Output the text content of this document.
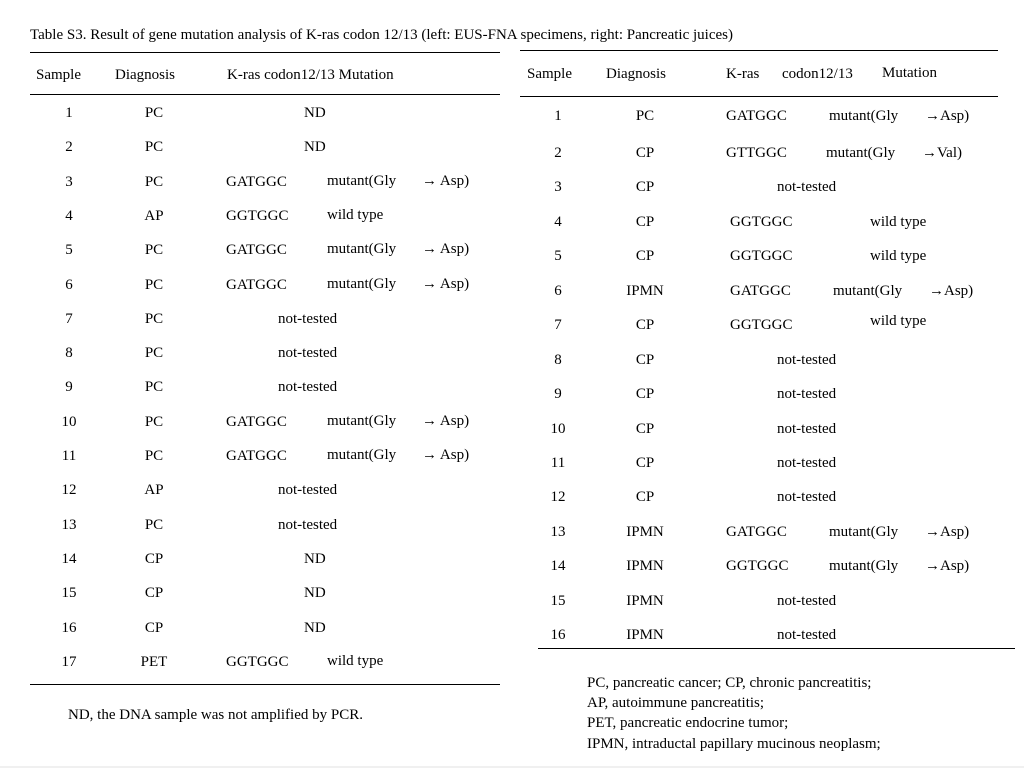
Table S3. Result of gene mutation analysis of K-ras codon 12/13 (left: EUS-FNA specimens, right: Pancreatic juices)
Sample Diagnosis	K-ras codon12/13 Mutation
1	PC	ND
2	PC	ND
3	PC	GATGGC	mutant(Gly → Asp)
4	AP	GGTGGC	wild type
5	PC	GATGGC	mutant(Gly → Asp)
6	PC	GATGGC	mutant(Gly → Asp)
7	PC	not-tested
8	PC	not-tested
9	PC	not-tested
10	PC	GATGGC	mutant(Gly → Asp)
11	PC	GATGGC	mutant(Gly → Asp)
12	AP	not-tested
13	PC	not-tested
14	CP	ND
15	CP	ND
16	CP	ND
17	PET	GGTGGC	wild type
ND, the DNA sample was not amplified by PCR.
Sample Diagnosis	K-ras codon12/13 Mutation
1	PC	GATGGC	mutant(Gly →Asp)
2	CP	GTTGGC	mutant(Gly →Val)
3	CP	not-tested
4	CP	GGTGGC	wild type
5	CP	GGTGGC	wild type
6	IPMN	GATGGC	mutant(Gly →Asp)
7	CP	GGTGGC	wild type
8	CP	not-tested
9	CP	not-tested
10	CP	not-tested
11	CP	not-tested
12	CP	not-tested
13	IPMN	GATGGC	mutant(Gly →Asp)
14	IPMN	GGTGGC	mutant(Gly →Asp)
15	IPMN	not-tested
16	IPMN	not-tested
PC, pancreatic cancer; CP, chronic pancreatitis;
AP, autoimmune pancreatitis;
PET, pancreatic endocrine tumor;
IPMN, intraductal papillary mucinous neoplasm;
